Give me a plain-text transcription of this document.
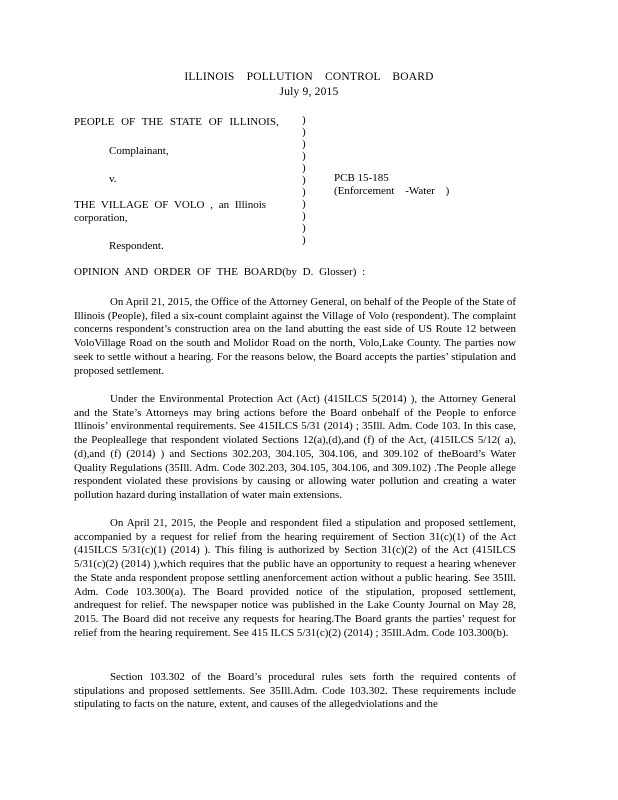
ILLINOIS POLLUTION CONTROL BOARD
July 9, 2015
PEOPLE OF THE STATE OF ILLINOIS,
Complainant,
v.
THE VILLAGE OF VOLO , an Illinois
corporation,
Respondent.
)
)
)
)
)
)
)
)
)
)
)
PCB 15-185
(Enforcement -Water )
OPINION AND ORDER OF THE BOARD(by D. Glosser) :
On April 21, 2015, the Office of the Attorney General, on behalf of the People of the State of Illinois (People), filed a six-count complaint against the Village of Volo (respondent). The complaint concerns respondent’s construction area on the land abutting the east side of US Route 12 between VoloVillage Road on the south and Molidor Road on the north, Volo,Lake County. The parties now seek to settle without a hearing. For the reasons below, the Board accepts the parties’ stipulation and proposed settlement.
Under the Environmental Protection Act (Act) (415ILCS 5(2014) ), the Attorney General and the State’s Attorneys may bring actions before the Board onbehalf of the People to enforce Illinois’ environmental requirements. See 415ILCS 5/31 (2014) ; 35Ill. Adm. Code 103. In this case, the Peopleallege that respondent violated Sections 12(a),(d),and (f) of the Act, (415ILCS 5/12( a), (d),and (f) (2014) ) and Sections 302.203, 304.105, 304.106, and 309.102 of theBoard’s Water Quality Regulations (35Ill. Adm. Code 302.203, 304.105, 304.106, and 309.102) .The People allege respondent violated these provisions by causing or allowing water pollution and creating a water pollution hazard during installation of water main extensions.
On April 21, 2015, the People and respondent filed a stipulation and proposed settlement, accompanied by a request for relief from the hearing requirement of Section 31(c)(1) of the Act (415ILCS 5/31(c)(1) (2014) ). This filing is authorized by Section 31(c)(2) of the Act (415ILCS 5/31(c)(2) (2014) ),which requires that the public have an opportunity to request a hearing whenever the State anda respondent propose settling anenforcement action without a public hearing. See 35Ill. Adm. Code 103.300(a). The Board provided notice of the stipulation, proposed settlement, andrequest for relief. The newspaper notice was published in the Lake County Journal on May 28, 2015. The Board did not receive any requests for hearing.The Board grants the parties’ request for relief from the hearing requirement. See 415 ILCS 5/31(c)(2) (2014) ; 35Ill.Adm. Code 103.300(b).
Section 103.302 of the Board’s procedural rules sets forth the required contents of stipulations and proposed settlements. See 35Ill.Adm. Code 103.302. These requirements include stipulating to facts on the nature, extent, and causes of the allegedviolations and the
